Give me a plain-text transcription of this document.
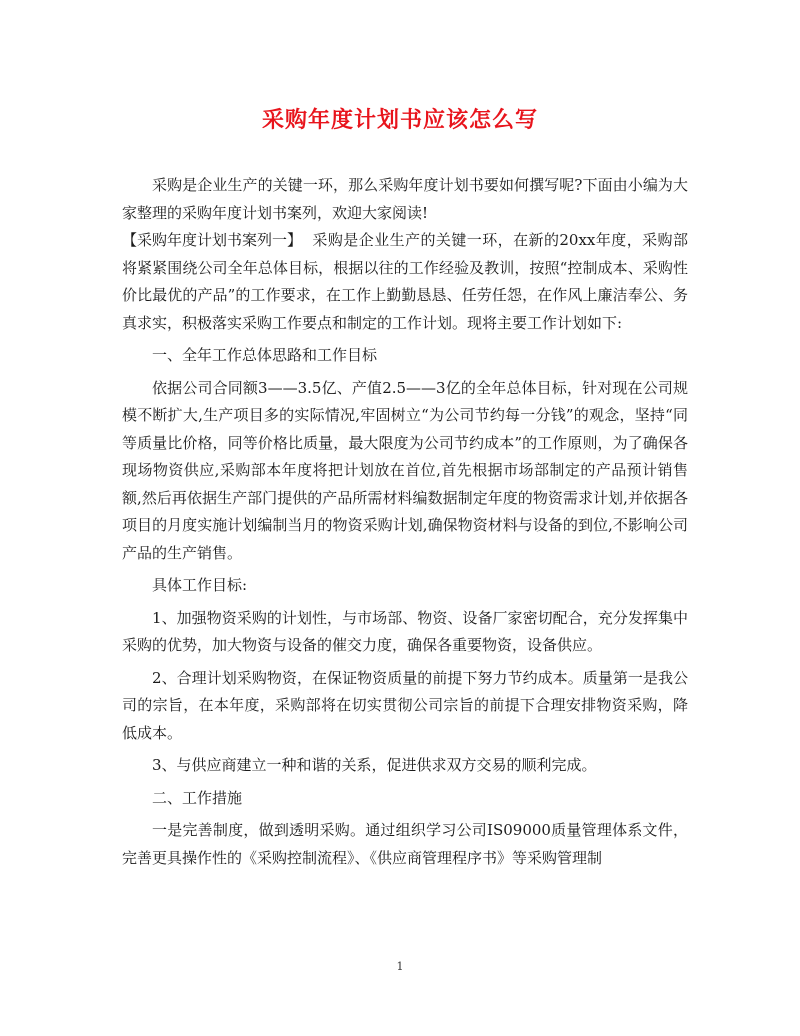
采购年度计划书应该怎么写

采购是企业生产的关键一环，那么采购年度计划书要如何撰写呢?下面由小编为大家整理的采购年度计划书案列，欢迎大家阅读!

【采购年度计划书案列一】 采购是企业生产的关键一环，在新的20xx年度，采购部将紧紧围绕公司全年总体目标，根据以往的工作经验及教训，按照“控制成本、采购性价比最优的产品”的工作要求，在工作上勤勤恳恳、任劳任怨，在作风上廉洁奉公、务真求实，积极落实采购工作要点和制定的工作计划。现将主要工作计划如下:

一、全年工作总体思路和工作目标

依据公司合同额3——3.5亿、产值2.5——3亿的全年总体目标，针对现在公司规模不断扩大,生产项目多的实际情况,牢固树立“为公司节约每一分钱”的观念，坚持“同等质量比价格，同等价格比质量，最大限度为公司节约成本”的工作原则，为了确保各现场物资供应,采购部本年度将把计划放在首位,首先根据市场部制定的产品预计销售额,然后再依据生产部门提供的产品所需材料编数据制定年度的物资需求计划,并依据各项目的月度实施计划编制当月的物资采购计划,确保物资材料与设备的到位,不影响公司产品的生产销售。

具体工作目标:

1、加强物资采购的计划性，与市场部、物资、设备厂家密切配合，充分发挥集中采购的优势，加大物资与设备的催交力度，确保各重要物资，设备供应。

2、合理计划采购物资，在保证物资质量的前提下努力节约成本。质量第一是我公司的宗旨，在本年度，采购部将在切实贯彻公司宗旨的前提下合理安排物资采购，降低成本。

3、与供应商建立一种和谐的关系，促进供求双方交易的顺利完成。

二、工作措施

一是完善制度，做到透明采购。通过组织学习公司IS09000质量管理体系文件，完善更具操作性的《采购控制流程》、《供应商管理程序书》等采购管理制

1
